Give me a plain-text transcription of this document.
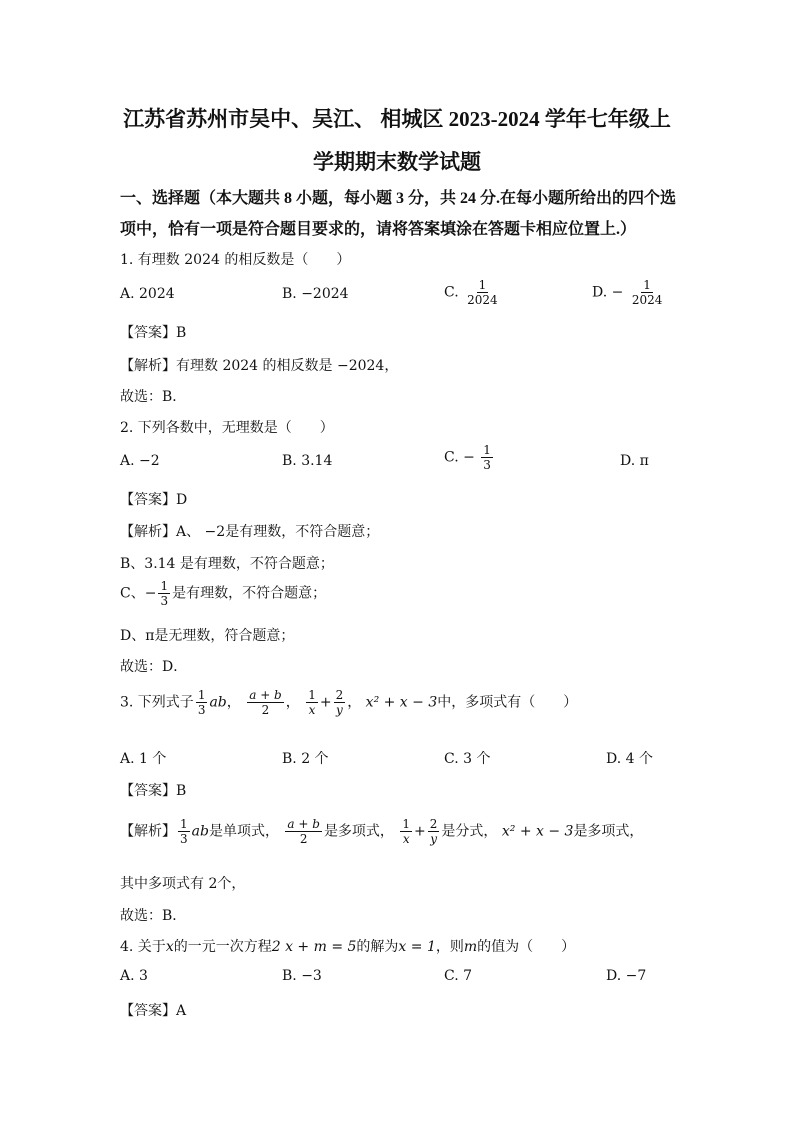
江苏省苏州市吴中、吴江、 相城区 2023-2024 学年七年级上
学期期末数学试题
一、选择题（本大题共 8 小题，每小题 3 分，共 24 分.在每小题所给出的四个选
项中，恰有一项是符合题目要求的，请将答案填涂在答题卡相应位置上.）
1. 有理数 2024 的相反数是（　　）
A. 2024	B. −2024	C. $\frac{1}{2024}$	D. − $\frac{1}{2024}$
【答案】B
【解析】有理数 2024 的相反数是 −2024，
故选：B．
2. 下列各数中，无理数是（　　）
A. −2	B. 3.14	C. − $\frac{1}{3}$	D. π
【答案】D
【解析】A、 −2是有理数，不符合题意；
B、3.14 是有理数，不符合题意；
C、− $\frac{1}{3}$ 是有理数，不符合题意；
D、π是无理数，符合题意；
故选：D．
3. 下列式子 $\frac{1}{3}$ ab， $\frac{a + b}{2}$ ， $\frac{1}{x} + \frac{2}{y}$ ， x² + x − 3中，多项式有（　　）
A. 1 个	B. 2 个	C. 3 个	D. 4 个
【答案】B
【解析】 $\frac{1}{3}$ ab是单项式， $\frac{a + b}{2}$ 是多项式， $\frac{1}{x} + \frac{2}{y}$ 是分式， x² + x − 3是多项式，
其中多项式有 2个，
故选：B．
4. 关于x的一元一次方程2 x + m = 5的解为x = 1，则m的值为（　　）
A. 3	B. −3	C. 7	D. −7
【答案】A
